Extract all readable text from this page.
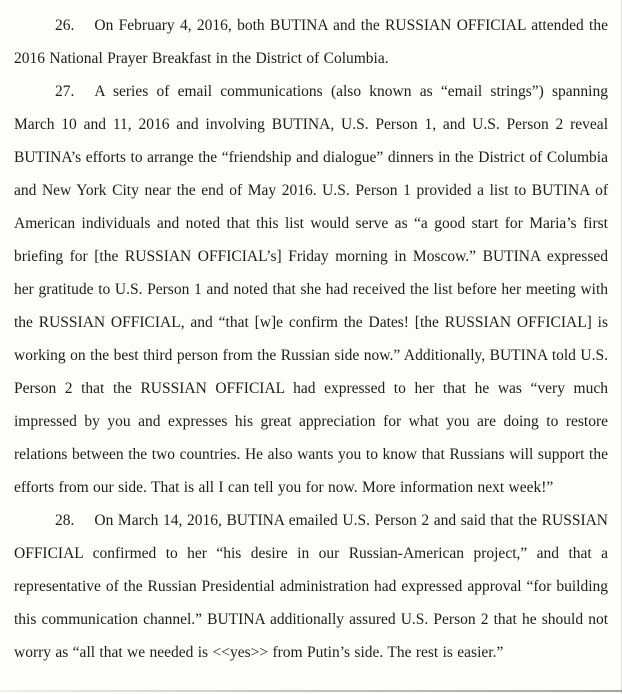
26. On February 4, 2016, both BUTINA and the RUSSIAN OFFICIAL attended the 2016 National Prayer Breakfast in the District of Columbia.

27. A series of email communications (also known as “email strings”) spanning March 10 and 11, 2016 and involving BUTINA, U.S. Person 1, and U.S. Person 2 reveal BUTINA’s efforts to arrange the “friendship and dialogue” dinners in the District of Columbia and New York City near the end of May 2016. U.S. Person 1 provided a list to BUTINA of American individuals and noted that this list would serve as “a good start for Maria’s first briefing for [the RUSSIAN OFFICIAL’s] Friday morning in Moscow.” BUTINA expressed her gratitude to U.S. Person 1 and noted that she had received the list before her meeting with the RUSSIAN OFFICIAL, and “that [w]e confirm the Dates! [the RUSSIAN OFFICIAL] is working on the best third person from the Russian side now.” Additionally, BUTINA told U.S. Person 2 that the RUSSIAN OFFICIAL had expressed to her that he was “very much impressed by you and expresses his great appreciation for what you are doing to restore relations between the two countries. He also wants you to know that Russians will support the efforts from our side. That is all I can tell you for now. More information next week!”

28. On March 14, 2016, BUTINA emailed U.S. Person 2 and said that the RUSSIAN OFFICIAL confirmed to her “his desire in our Russian-American project,” and that a representative of the Russian Presidential administration had expressed approval “for building this communication channel.” BUTINA additionally assured U.S. Person 2 that he should not worry as “all that we needed is <<yes>> from Putin’s side. The rest is easier.”
